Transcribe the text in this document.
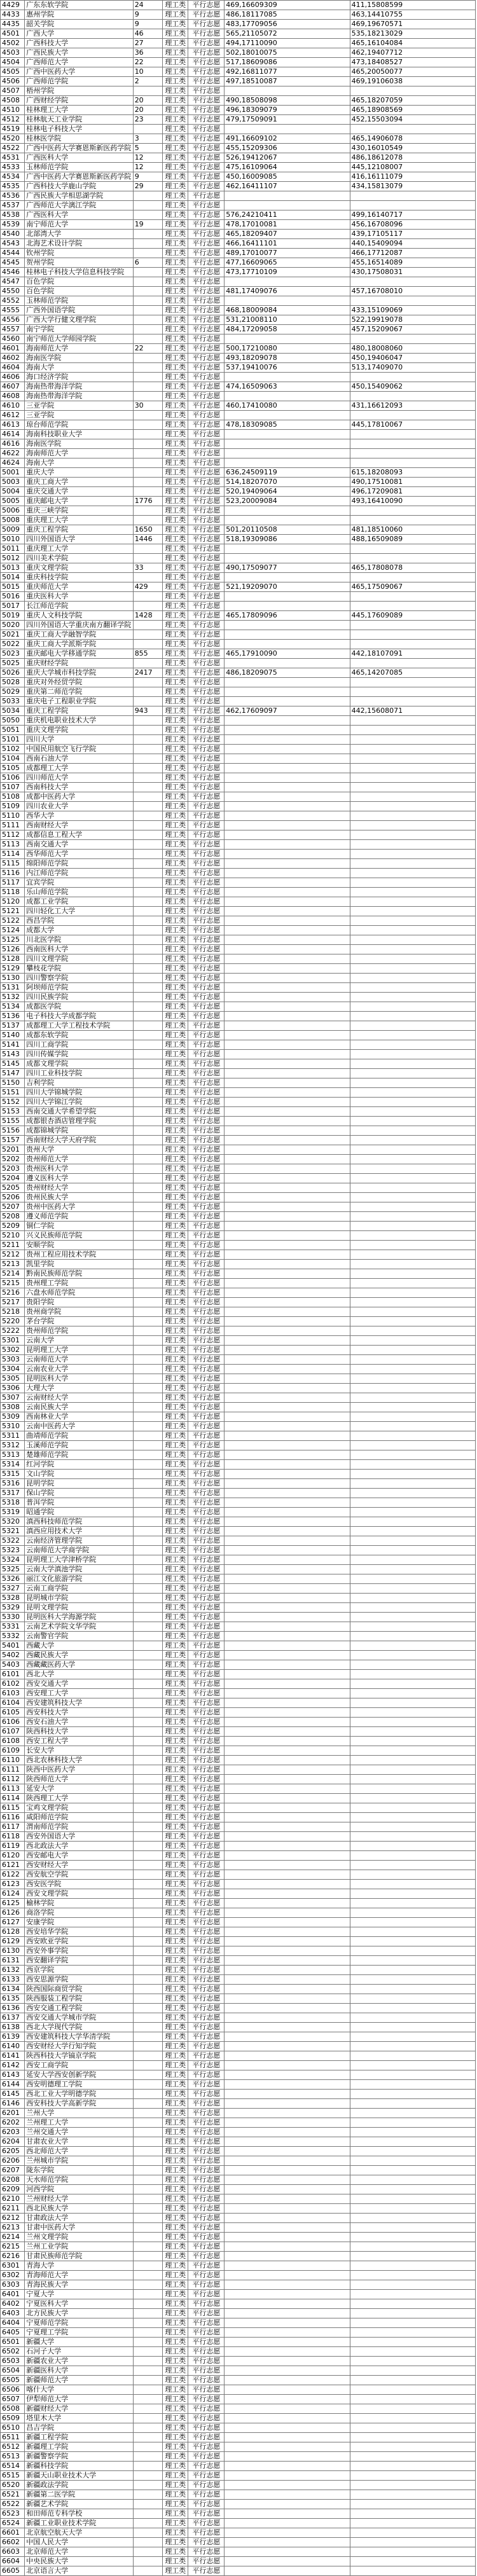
4429	广东东软学院	24	理工类	平行志愿	469,16609309	411,15808599
4433	惠州学院	9	理工类	平行志愿	486,18117085	463,14410755
4435	韶关学院	9	理工类	平行志愿	483,17709056	469,19670571
4501	广西大学	46	理工类	平行志愿	565,21105072	535,18213029
4502	广西科技大学	27	理工类	平行志愿	494,17110090	465,16104084
4503	广西民族大学	36	理工类	平行志愿	502,18010075	462,19407712
4504	广西师范大学	22	理工类	平行志愿	517,18609086	473,18408527
4505	广西中医药大学	10	理工类	平行志愿	492,16811077	465,20050077
4506	广西师范学院	2	理工类	平行志愿	497,18510087	469,19106038
4507	梧州学院		理工类	平行志愿		
4508	广西财经学院	20	理工类	平行志愿	490,18508098	465,18207059
4510	桂林理工大学	20	理工类	平行志愿	496,18309079	465,18908569
4512	桂林航天工业学院	23	理工类	平行志愿	479,17509091	452,15503094
4519	桂林电子科技大学		理工类	平行志愿		
4520	桂林医学院	3	理工类	平行志愿	491,16609102	465,14906078
4522	广西中医药大学赛恩斯新医药学院	5	理工类	平行志愿	455,15209306	430,16010549
4531	广西医科大学	12	理工类	平行志愿	526,19412067	486,18612078
4533	玉林师范学院	12	理工类	平行志愿	475,16109064	445,12108007
4534	广西中医药大学赛恩斯新医药学院	9	理工类	平行志愿	450,16009085	416,16111079
4535	广西科技大学鹿山学院	29	理工类	平行志愿	462,16411107	434,15813079
4536	广西民族大学相思湖学院		理工类	平行志愿		
4537	广西师范大学漓江学院		理工类	平行志愿		
4538	广西医科大学		理工类	平行志愿	576,24210411	499,16140717
4539	南宁师范大学	19	理工类	平行志愿	478,17010081	456,16708096
4540	北部湾大学		理工类	平行志愿	465,18209407	439,17105117
4543	北海艺术设计学院		理工类	平行志愿	466,16411101	440,15409094
4544	钦州学院		理工类	平行志愿	489,17010077	466,17712087
4545	贺州学院	6	理工类	平行志愿	477,16609065	455,16514089
4546	桂林电子科技大学信息科技学院		理工类	平行志愿	473,17710109	430,17508031
4547	百色学院		理工类	平行志愿		
4550	百色学院		理工类	平行志愿	481,17409076	457,16708010
4552	玉林师范学院		理工类	平行志愿		
4555	广西外国语学院		理工类	平行志愿	468,18009084	433,15109069
4556	广西大学行健文理学院		理工类	平行志愿	531,21008110	522,19919078
4557	南宁学院		理工类	平行志愿	484,17209058	457,15209067
4560	南宁师范大学师园学院		理工类	平行志愿		
4601	海南师范大学	22	理工类	平行志愿	500,17210080	480,18008060
4602	海南医学院		理工类	平行志愿	493,18209078	450,19406047
4604	海南大学		理工类	平行志愿	537,19410076	513,17409070
4606	海口经济学院		理工类	平行志愿		
4607	海南热带海洋学院		理工类	平行志愿	474,16509063	450,15409062
4608	海南热带海洋学院		理工类	平行志愿		
4610	三亚学院	30	理工类	平行志愿	460,17410080	431,16612093
4612	三亚学院		理工类	平行志愿		
4613	琼台师范学院		理工类	平行志愿	478,18309085	445,17810067
4614	海南科技职业大学		理工类	平行志愿		
4616	海南医学院		理工类	平行志愿		
4622	海南师范大学		理工类	平行志愿		
4624	海南大学		理工类	平行志愿		
5001	重庆大学		理工类	平行志愿	636,24509119	615,18208093
5003	重庆工商大学		理工类	平行志愿	514,18207070	490,17510081
5004	重庆交通大学		理工类	平行志愿	520,19409064	496,17209081
5005	重庆邮电大学	1776	理工类	平行志愿	523,20009084	493,16410090
5006	重庆三峡学院		理工类	平行志愿		
5008	重庆理工大学		理工类	平行志愿		
5009	重庆工程学院	1650	理工类	平行志愿	501,20110508	481,18510060
5010	四川外国语大学	1446	理工类	平行志愿	518,19309086	488,16509089
5011	重庆理工大学		理工类	平行志愿		
5012	四川美术学院		理工类	平行志愿		
5013	重庆文理学院	33	理工类	平行志愿	490,17509077	465,17808078
5014	重庆科技学院		理工类	平行志愿		
5015	重庆师范大学	429	理工类	平行志愿	521,19209070	465,17509067
5016	重庆医科大学		理工类	平行志愿		
5017	长江师范学院		理工类	平行志愿		
5019	重庆人文科技学院	1428	理工类	平行志愿	465,17809096	445,17609089
5020	四川外国语大学重庆南方翻译学院		理工类	平行志愿		
5021	重庆工商大学融智学院		理工类	平行志愿		
5022	重庆工商大学派斯学院		理工类	平行志愿		
5023	重庆邮电大学移通学院	855	理工类	平行志愿	465,17910090	442,18107091
5025	重庆财经学院		理工类	平行志愿		
5026	重庆大学城市科技学院	2417	理工类	平行志愿	486,18209075	465,14207085
5028	重庆对外经贸学院		理工类	平行志愿		
5029	重庆第二师范学院		理工类	平行志愿		
5033	重庆电子工程职业学院		理工类	平行志愿		
5034	重庆工程学院	943	理工类	平行志愿	462,17609097	442,15608071
5050	重庆机电职业技术大学		理工类	平行志愿		
5051	重庆文理学院		理工类	平行志愿		
5101	四川大学		理工类	平行志愿		
5102	中国民用航空飞行学院		理工类	平行志愿		
5104	西南石油大学		理工类	平行志愿		
5105	成都理工大学		理工类	平行志愿		
5106	四川师范大学		理工类	平行志愿		
5107	西南科技大学		理工类	平行志愿		
5108	成都中医药大学		理工类	平行志愿		
5109	四川农业大学		理工类	平行志愿		
5110	西华大学		理工类	平行志愿		
5111	西南财经大学		理工类	平行志愿		
5112	成都信息工程大学		理工类	平行志愿		
5113	西南交通大学		理工类	平行志愿		
5114	西华师范大学		理工类	平行志愿		
5115	绵阳师范学院		理工类	平行志愿		
5116	内江师范学院		理工类	平行志愿		
5117	宜宾学院		理工类	平行志愿		
5118	乐山师范学院		理工类	平行志愿		
5120	成都工业学院		理工类	平行志愿		
5121	四川轻化工大学		理工类	平行志愿		
5122	西昌学院		理工类	平行志愿		
5124	成都大学		理工类	平行志愿		
5125	川北医学院		理工类	平行志愿		
5126	西南医科大学		理工类	平行志愿		
5128	四川文理学院		理工类	平行志愿		
5129	攀枝花学院		理工类	平行志愿		
5130	四川警察学院		理工类	平行志愿		
5131	阿坝师范学院		理工类	平行志愿		
5132	四川民族学院		理工类	平行志愿		
5134	成都医学院		理工类	平行志愿		
5136	电子科技大学成都学院		理工类	平行志愿		
5137	成都理工大学工程技术学院		理工类	平行志愿		
5140	成都东软学院		理工类	平行志愿		
5141	四川工商学院		理工类	平行志愿		
5143	四川传媒学院		理工类	平行志愿		
5145	成都文理学院		理工类	平行志愿		
5147	四川工业科技学院		理工类	平行志愿		
5150	吉利学院		理工类	平行志愿		
5151	四川大学锦城学院		理工类	平行志愿		
5152	四川大学锦江学院		理工类	平行志愿		
5153	西南交通大学希望学院		理工类	平行志愿		
5155	成都银杏酒店管理学院		理工类	平行志愿		
5156	成都锦城学院		理工类	平行志愿		
5157	西南财经大学天府学院		理工类	平行志愿		
5201	贵州大学		理工类	平行志愿		
5202	贵州师范大学		理工类	平行志愿		
5203	贵州医科大学		理工类	平行志愿		
5204	遵义医科大学		理工类	平行志愿		
5205	贵州财经大学		理工类	平行志愿		
5206	贵州民族大学		理工类	平行志愿		
5207	贵州中医药大学		理工类	平行志愿		
5208	遵义师范学院		理工类	平行志愿		
5209	铜仁学院		理工类	平行志愿		
5210	兴义民族师范学院		理工类	平行志愿		
5211	安顺学院		理工类	平行志愿		
5212	贵州工程应用技术学院		理工类	平行志愿		
5213	凯里学院		理工类	平行志愿		
5214	黔南民族师范学院		理工类	平行志愿		
5215	贵州理工学院		理工类	平行志愿		
5216	六盘水师范学院		理工类	平行志愿		
5217	贵阳学院		理工类	平行志愿		
5218	贵州商学院		理工类	平行志愿		
5220	茅台学院		理工类	平行志愿		
5222	贵州师范学院		理工类	平行志愿		
5301	云南大学		理工类	平行志愿		
5302	昆明理工大学		理工类	平行志愿		
5303	云南师范大学		理工类	平行志愿		
5304	云南农业大学		理工类	平行志愿		
5305	昆明医科大学		理工类	平行志愿		
5306	大理大学		理工类	平行志愿		
5307	云南财经大学		理工类	平行志愿		
5308	云南民族大学		理工类	平行志愿		
5309	西南林业大学		理工类	平行志愿		
5310	云南中医药大学		理工类	平行志愿		
5311	曲靖师范学院		理工类	平行志愿		
5312	玉溪师范学院		理工类	平行志愿		
5313	楚雄师范学院		理工类	平行志愿		
5314	红河学院		理工类	平行志愿		
5315	文山学院		理工类	平行志愿		
5316	昆明学院		理工类	平行志愿		
5317	保山学院		理工类	平行志愿		
5318	普洱学院		理工类	平行志愿		
5319	昭通学院		理工类	平行志愿		
5320	滇西科技师范学院		理工类	平行志愿		
5321	滇西应用技术大学		理工类	平行志愿		
5322	云南经济管理学院		理工类	平行志愿		
5323	云南师范大学商学院		理工类	平行志愿		
5324	昆明理工大学津桥学院		理工类	平行志愿		
5325	云南大学滇池学院		理工类	平行志愿		
5326	丽江文化旅游学院		理工类	平行志愿		
5327	云南工商学院		理工类	平行志愿		
5328	昆明城市学院		理工类	平行志愿		
5329	昆明文理学院		理工类	平行志愿		
5330	昆明医科大学海源学院		理工类	平行志愿		
5331	云南艺术学院文华学院		理工类	平行志愿		
5332	云南警官学院		理工类	平行志愿		
5401	西藏大学		理工类	平行志愿		
5402	西藏民族大学		理工类	平行志愿		
5403	西藏藏医药大学		理工类	平行志愿		
6101	西北大学		理工类	平行志愿		
6102	西安交通大学		理工类	平行志愿		
6103	西安理工大学		理工类	平行志愿		
6104	西安建筑科技大学		理工类	平行志愿		
6105	西安科技大学		理工类	平行志愿		
6106	西安石油大学		理工类	平行志愿		
6107	陕西科技大学		理工类	平行志愿		
6108	西安工程大学		理工类	平行志愿		
6109	长安大学		理工类	平行志愿		
6110	西北农林科技大学		理工类	平行志愿		
6111	陕西中医药大学		理工类	平行志愿		
6112	陕西师范大学		理工类	平行志愿		
6113	延安大学		理工类	平行志愿		
6114	陕西理工大学		理工类	平行志愿		
6115	宝鸡文理学院		理工类	平行志愿		
6116	咸阳师范学院		理工类	平行志愿		
6117	渭南师范学院		理工类	平行志愿		
6118	西安外国语大学		理工类	平行志愿		
6119	西北政法大学		理工类	平行志愿		
6120	西安邮电大学		理工类	平行志愿		
6121	西安财经大学		理工类	平行志愿		
6122	西安航空学院		理工类	平行志愿		
6123	西安医学院		理工类	平行志愿		
6124	西安文理学院		理工类	平行志愿		
6125	榆林学院		理工类	平行志愿		
6126	商洛学院		理工类	平行志愿		
6127	安康学院		理工类	平行志愿		
6128	西安培华学院		理工类	平行志愿		
6129	西安欧亚学院		理工类	平行志愿		
6130	西安外事学院		理工类	平行志愿		
6131	西安翻译学院		理工类	平行志愿		
6132	西京学院		理工类	平行志愿		
6133	西安思源学院		理工类	平行志愿		
6134	陕西国际商贸学院		理工类	平行志愿		
6135	陕西服装工程学院		理工类	平行志愿		
6136	西安交通工程学院		理工类	平行志愿		
6137	西安交通大学城市学院		理工类	平行志愿		
6138	西北大学现代学院		理工类	平行志愿		
6139	西安建筑科技大学华清学院		理工类	平行志愿		
6140	西安财经大学行知学院		理工类	平行志愿		
6141	陕西科技大学镐京学院		理工类	平行志愿		
6142	西安工商学院		理工类	平行志愿		
6143	延安大学西安创新学院		理工类	平行志愿		
6144	西安明德理工学院		理工类	平行志愿		
6145	西北工业大学明德学院		理工类	平行志愿		
6146	西安科技大学高新学院		理工类	平行志愿		
6201	兰州大学		理工类	平行志愿		
6202	兰州理工大学		理工类	平行志愿		
6203	兰州交通大学		理工类	平行志愿		
6204	甘肃农业大学		理工类	平行志愿		
6205	西北师范大学		理工类	平行志愿		
6206	兰州城市学院		理工类	平行志愿		
6207	陇东学院		理工类	平行志愿		
6208	天水师范学院		理工类	平行志愿		
6209	河西学院		理工类	平行志愿		
6210	兰州财经大学		理工类	平行志愿		
6211	西北民族大学		理工类	平行志愿		
6212	甘肃政法大学		理工类	平行志愿		
6213	甘肃中医药大学		理工类	平行志愿		
6214	兰州文理学院		理工类	平行志愿		
6215	兰州工业学院		理工类	平行志愿		
6216	甘肃民族师范学院		理工类	平行志愿		
6301	青海大学		理工类	平行志愿		
6302	青海师范大学		理工类	平行志愿		
6303	青海民族大学		理工类	平行志愿		
6401	宁夏大学		理工类	平行志愿		
6402	宁夏医科大学		理工类	平行志愿		
6403	北方民族大学		理工类	平行志愿		
6404	宁夏师范学院		理工类	平行志愿		
6405	宁夏理工学院		理工类	平行志愿		
6501	新疆大学		理工类	平行志愿		
6502	石河子大学		理工类	平行志愿		
6503	新疆农业大学		理工类	平行志愿		
6504	新疆医科大学		理工类	平行志愿		
6505	新疆师范大学		理工类	平行志愿		
6506	喀什大学		理工类	平行志愿		
6507	伊犁师范大学		理工类	平行志愿		
6508	新疆财经大学		理工类	平行志愿		
6509	塔里木大学		理工类	平行志愿		
6510	昌吉学院		理工类	平行志愿		
6511	新疆工程学院		理工类	平行志愿		
6512	新疆理工学院		理工类	平行志愿		
6513	新疆警察学院		理工类	平行志愿		
6514	新疆科技学院		理工类	平行志愿		
6515	新疆天山职业技术大学		理工类	平行志愿		
6520	新疆政法学院		理工类	平行志愿		
6521	新疆第二医学院		理工类	平行志愿		
6522	新疆艺术学院		理工类	平行志愿		
6523	和田师范专科学校		理工类	平行志愿		
6524	新疆工业职业技术学院		理工类	平行志愿		
6601	北京航空航天大学		理工类	平行志愿		
6602	中国人民大学		理工类	平行志愿		
6603	北京师范大学		理工类	平行志愿		
6604	中央民族大学		理工类	平行志愿		
6605	北京语言大学		理工类	平行志愿		
